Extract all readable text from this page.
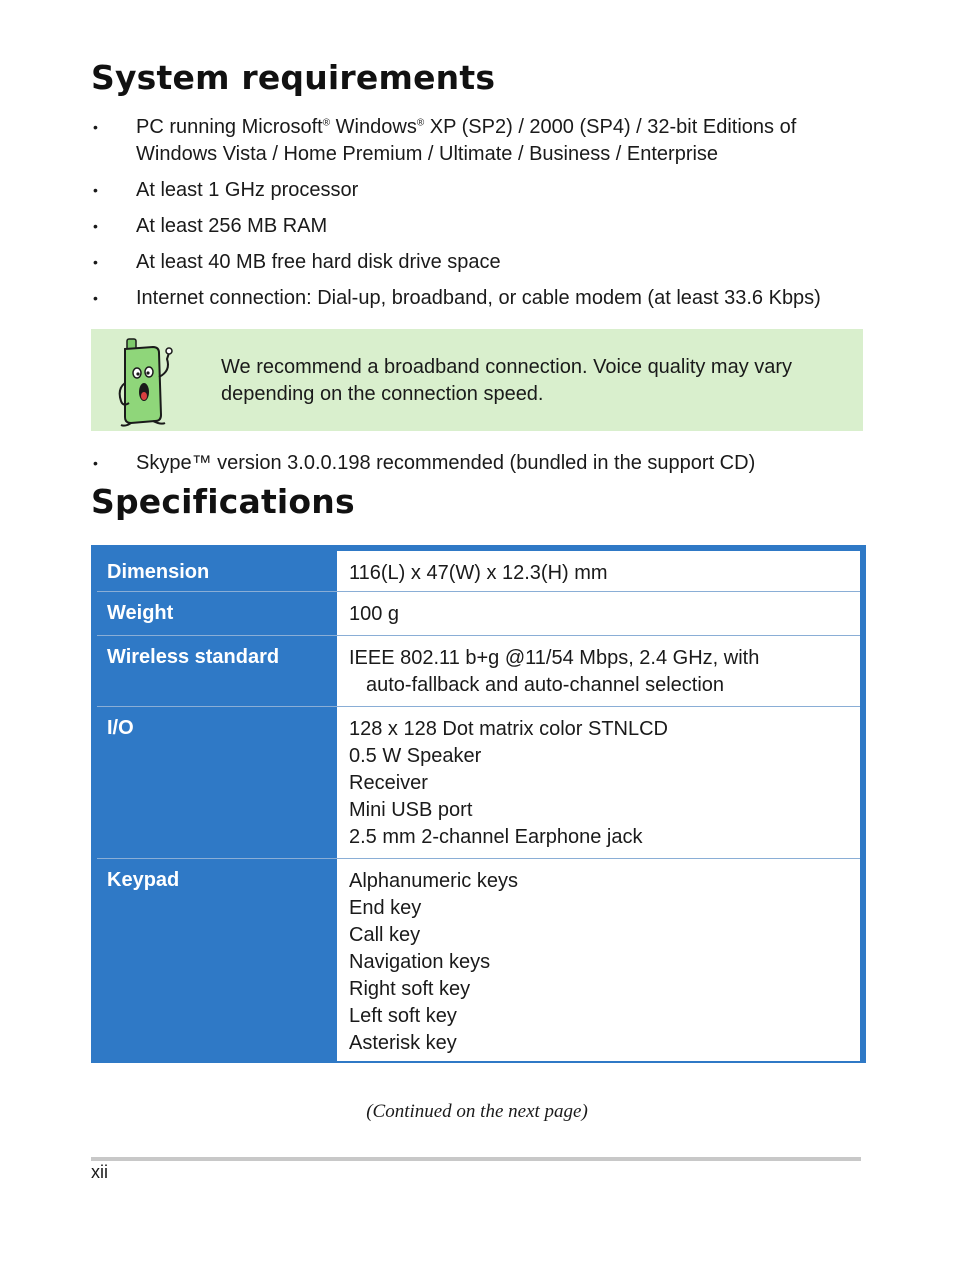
System requirements
•	PC running Microsoft® Windows® XP (SP2) / 2000 (SP4) / 32-bit Editions of
Windows Vista / Home Premium / Ultimate / Business / Enterprise
•	At least 1 GHz processor
•	At least 256 MB RAM
•	At least 40 MB free hard disk drive space
•	Internet connection: Dial-up, broadband, or cable modem (at least 33.6 Kbps)
We recommend a broadband connection. Voice quality may vary
depending on the connection speed.
•	Skype™ version 3.0.0.198 recommended (bundled in the support CD)
Specifications
Dimension	116(L) x 47(W) x 12.3(H) mm
Weight	100 g
Wireless standard	IEEE 802.11 b+g @11/54 Mbps, 2.4 GHz, with
auto-fallback and auto-channel selection
I/O	128 x 128 Dot matrix color STNLCD
0.5 W Speaker
Receiver
Mini USB port
2.5 mm 2-channel Earphone jack
Keypad	Alphanumeric keys
End key
Call key
Navigation keys
Right soft key
Left soft key
Asterisk key
(Continued on the next page)
xii
